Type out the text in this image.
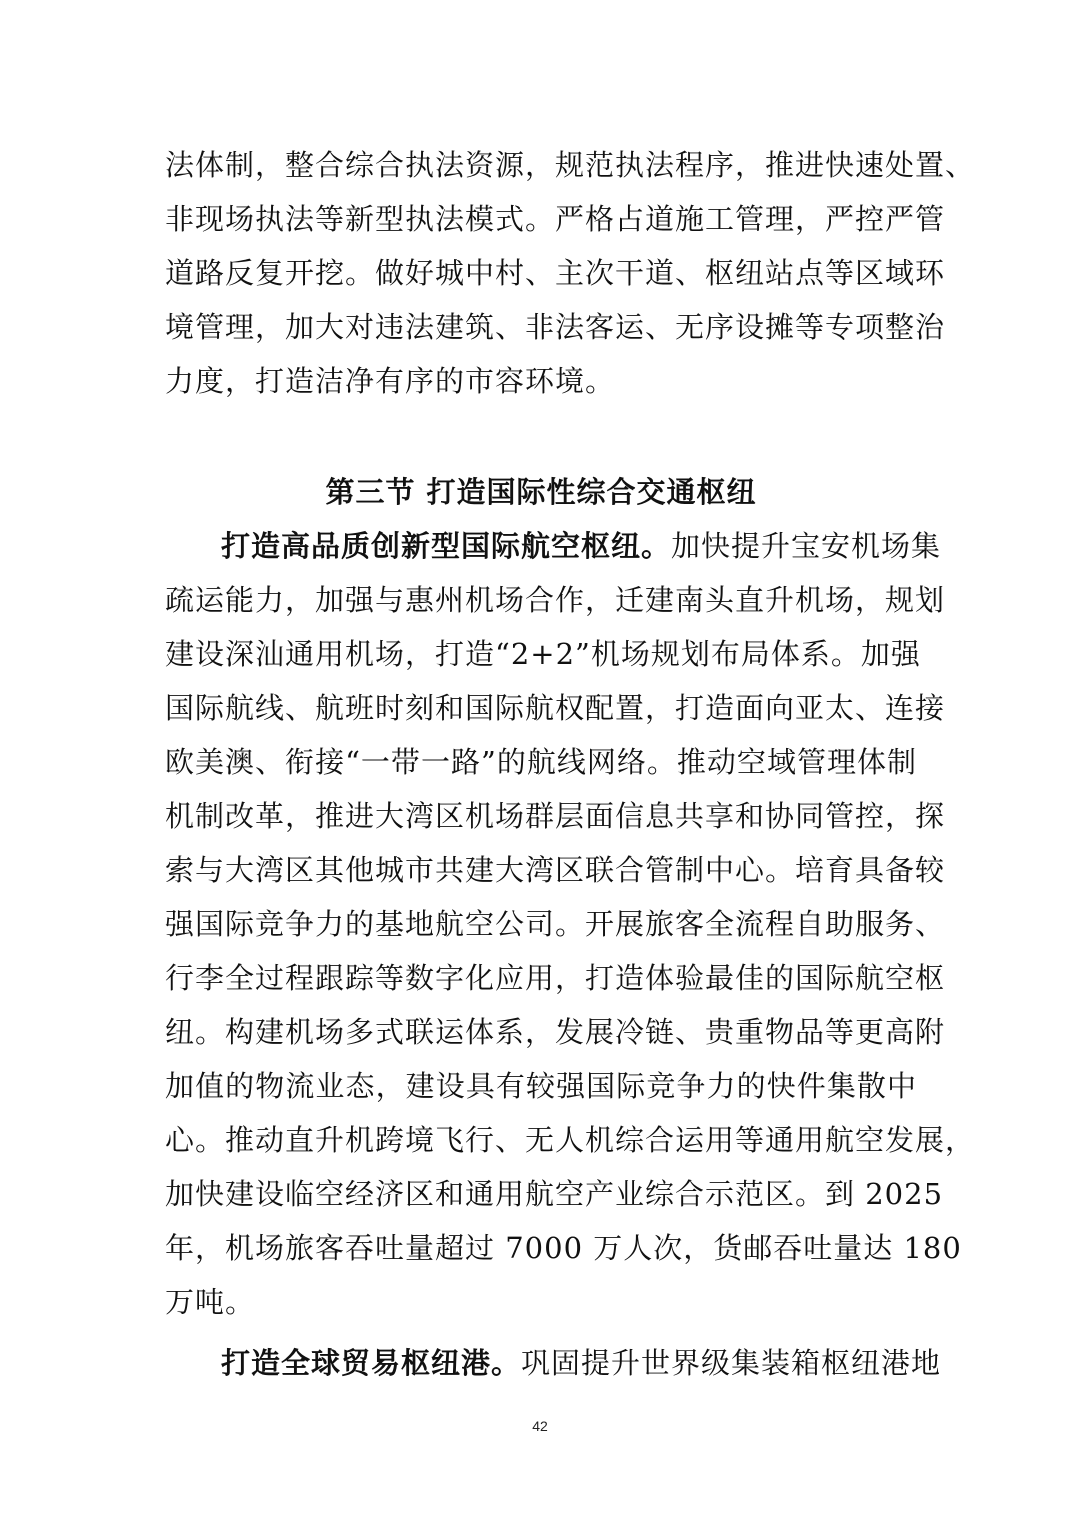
法体制，整合综合执法资源，规范执法程序，推进快速处置、
非现场执法等新型执法模式。严格占道施工管理，严控严管
道路反复开挖。做好城中村、主次干道、枢纽站点等区域环
境管理，加大对违法建筑、非法客运、无序设摊等专项整治
力度，打造洁净有序的市容环境。
第三节 打造国际性综合交通枢纽
打造高品质创新型国际航空枢纽。加快提升宝安机场集
疏运能力，加强与惠州机场合作，迁建南头直升机场，规划
建设深汕通用机场，打造“2+2”机场规划布局体系。加强
国际航线、航班时刻和国际航权配置，打造面向亚太、连接
欧美澳、衔接“一带一路”的航线网络。推动空域管理体制
机制改革，推进大湾区机场群层面信息共享和协同管控，探
索与大湾区其他城市共建大湾区联合管制中心。培育具备较
强国际竞争力的基地航空公司。开展旅客全流程自助服务、
行李全过程跟踪等数字化应用，打造体验最佳的国际航空枢
纽。构建机场多式联运体系，发展冷链、贵重物品等更高附
加值的物流业态，建设具有较强国际竞争力的快件集散中
心。推动直升机跨境飞行、无人机综合运用等通用航空发展，
加快建设临空经济区和通用航空产业综合示范区。到 2025
年，机场旅客吞吐量超过 7000 万人次，货邮吞吐量达 180
万吨。
打造全球贸易枢纽港。巩固提升世界级集装箱枢纽港地
42
